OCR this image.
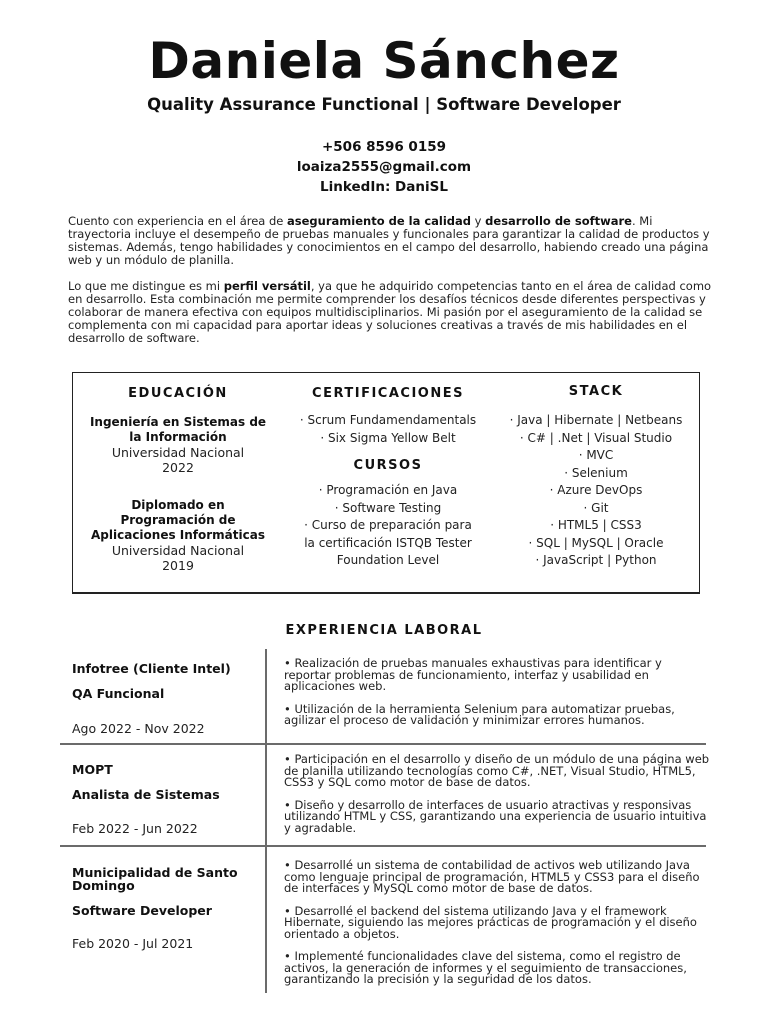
Daniela Sánchez
Quality Assurance Functional | Software Developer
+506 8596 0159
loaiza2555@gmail.com
LinkedIn: DaniSL

Cuento con experiencia en el área de aseguramiento de la calidad y desarrollo de software. Mi trayectoria incluye el desempeño de pruebas manuales y funcionales para garantizar la calidad de productos y sistemas. Además, tengo habilidades y conocimientos en el campo del desarrollo, habiendo creado una página web y un módulo de planilla.

Lo que me distingue es mi perfil versátil, ya que he adquirido competencias tanto en el área de calidad como en desarrollo. Esta combinación me permite comprender los desafíos técnicos desde diferentes perspectivas y colaborar de manera efectiva con equipos multidisciplinarios. Mi pasión por el aseguramiento de la calidad se complementa con mi capacidad para aportar ideas y soluciones creativas a través de mis habilidades en el desarrollo de software.

EDUCACIÓN
Ingeniería en Sistemas de la Información
Universidad Nacional
2022
Diplomado en Programación de Aplicaciones Informáticas
Universidad Nacional
2019
CERTIFICACIONES
· Scrum Fundamendamentals
· Six Sigma Yellow Belt
CURSOS
· Programación en Java
· Software Testing
· Curso de preparación para la certificación ISTQB Tester Foundation Level
STACK
· Java | Hibernate | Netbeans
· C# | .Net | Visual Studio
· MVC
· Selenium
· Azure DevOps
· Git
· HTML5 | CSS3
· SQL | MySQL | Oracle
· JavaScript | Python
EXPERIENCIA LABORAL
Infotree (Cliente Intel)
QA Funcional
Ago 2022 - Nov 2022

• Realización de pruebas manuales exhaustivas para identificar y reportar problemas de funcionamiento, interfaz y usabilidad en aplicaciones web.

• Utilización de la herramienta Selenium para automatizar pruebas, agilizar el proceso de validación y minimizar errores humanos.

MOPT
Analista de Sistemas
Feb 2022 - Jun 2022

• Participación en el desarrollo y diseño de un módulo de una página web de planilla utilizando tecnologías como C#, .NET, Visual Studio, HTML5, CSS3 y SQL como motor de base de datos.

• Diseño y desarrollo de interfaces de usuario atractivas y responsivas utilizando HTML y CSS, garantizando una experiencia de usuario intuitiva y agradable.

Municipalidad de Santo Domingo
Software Developer
Feb 2020 - Jul 2021

• Desarrollé un sistema de contabilidad de activos web utilizando Java como lenguaje principal de programación, HTML5 y CSS3 para el diseño de interfaces y MySQL como motor de base de datos.

• Desarrollé el backend del sistema utilizando Java y el framework Hibernate, siguiendo las mejores prácticas de programación y el diseño orientado a objetos.

• Implementé funcionalidades clave del sistema, como el registro de activos, la generación de informes y el seguimiento de transacciones, garantizando la precisión y la seguridad de los datos.
